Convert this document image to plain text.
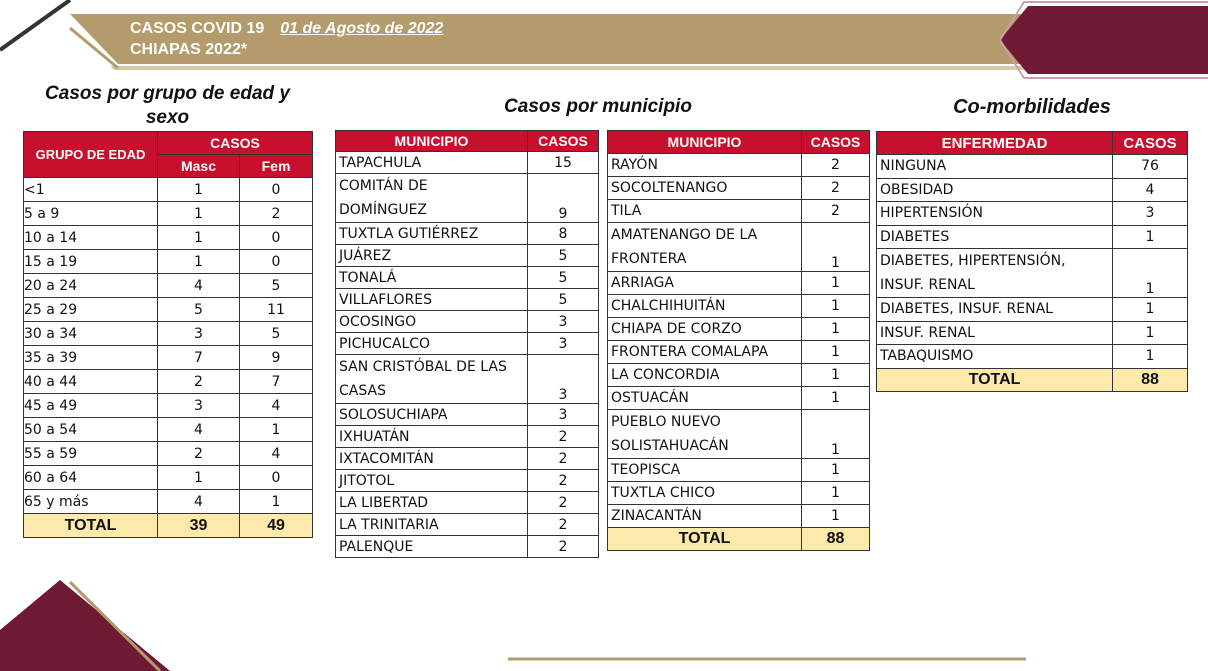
CASOS COVID 19 01 de Agosto de 2022
CHIAPAS 2022*
Casos por grupo de edad y sexo
Casos por municipio	Co-morbilidades
GRUPO DE EDAD	CASOS	
	Masc	Fem
<1	1	0
5 a 9	1	2
10 a 14	1	0
15 a 19	1	0
20 a 24	4	5
25 a 29	5	11
30 a 34	3	5
35 a 39	7	9
40 a 44	2	7
45 a 49	3	4
50 a 54	4	1
55 a 59	2	4
60 a 64	1	0
65 y más	4	1
TOTAL	39	49
MUNICIPIO	CASOS
TAPACHULA	15
COMITÁN DE
DOMÍNGUEZ	9
TUXTLA GUTIÉRREZ	8
JUÁREZ	5
TONALÁ	5
VILLAFLORES	5
OCOSINGO	3
PICHUCALCO	3
SAN CRISTÓBAL DE LAS
CASAS	3
SOLOSUCHIAPA	3
IXHUATÁN	2
IXTACOMITÁN	2
JITOTOL	2
LA LIBERTAD	2
LA TRINITARIA	2
PALENQUE	2
MUNICIPIO	CASOS
RAYÓN	2
SOCOLTENANGO	2
TILA	2
AMATENANGO DE LA
FRONTERA	1
ARRIAGA	1
CHALCHIHUITÁN	1
CHIAPA DE CORZO	1
FRONTERA COMALAPA	1
LA CONCORDIA	1
OSTUACÁN	1
PUEBLO NUEVO
SOLISTAHUACÁN	1
TEOPISCA	1
TUXTLA CHICO	1
ZINACANTÁN	1
TOTAL	88
ENFERMEDAD	CASOS
NINGUNA	76
OBESIDAD	4
HIPERTENSIÓN	3
DIABETES	1
DIABETES, HIPERTENSIÓN,
INSUF. RENAL	1
DIABETES, INSUF. RENAL	1
INSUF. RENAL	1
TABAQUISMO	1
TOTAL	88
